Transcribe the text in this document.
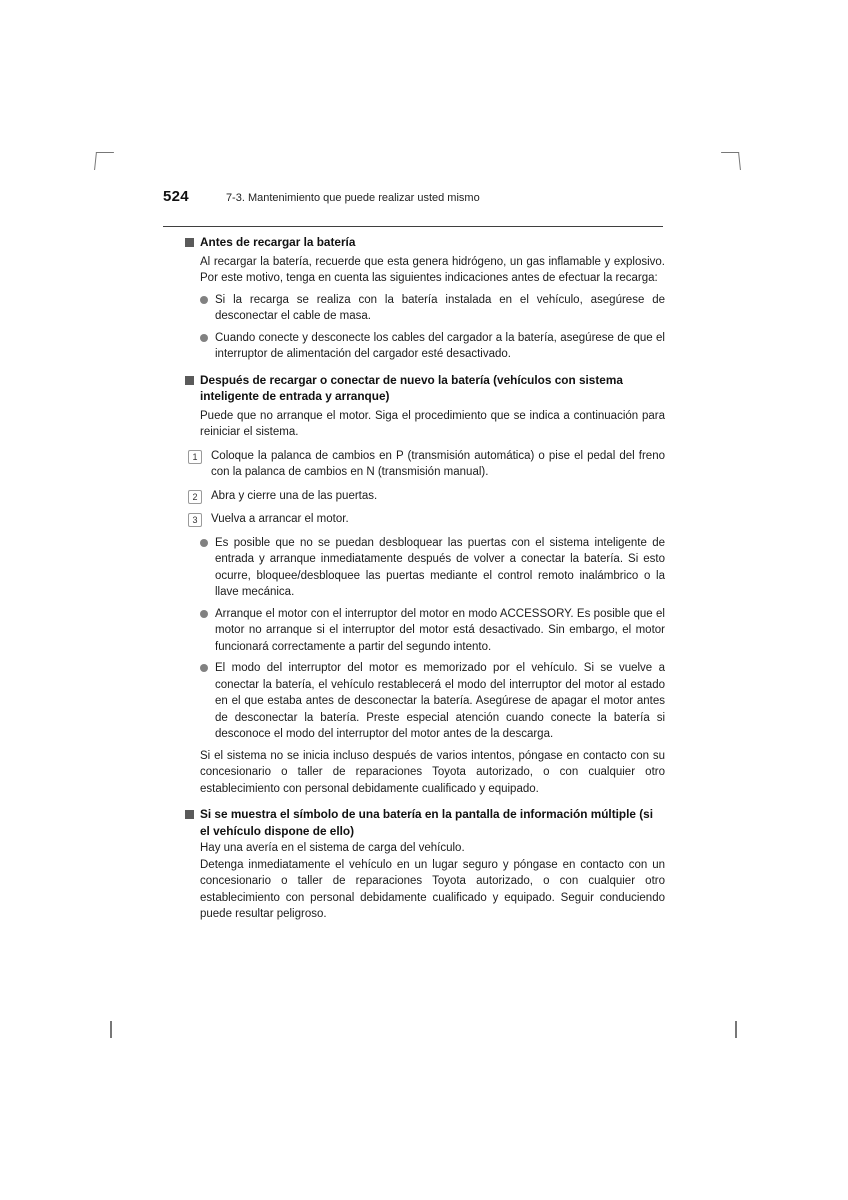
524	7-3. Mantenimiento que puede realizar usted mismo
Antes de recargar la batería

Al recargar la batería, recuerde que esta genera hidrógeno, un gas inflamable y explosivo. Por este motivo, tenga en cuenta las siguientes indicaciones antes de efectuar la recarga:

Si la recarga se realiza con la batería instalada en el vehículo, asegúrese de desconectar el cable de masa.
Cuando conecte y desconecte los cables del cargador a la batería, asegúrese de que el interruptor de alimentación del cargador esté desactivado.
Después de recargar o conectar de nuevo la batería (vehículos con sistema inteligente de entrada y arranque)

Puede que no arranque el motor. Siga el procedimiento que se indica a continuación para reiniciar el sistema.

1	Coloque la palanca de cambios en P (transmisión automática) o pise el pedal del freno con la palanca de cambios en N (transmisión manual).
2	Abra y cierre una de las puertas.
3	Vuelva a arrancar el motor.
Es posible que no se puedan desbloquear las puertas con el sistema inteligente de entrada y arranque inmediatamente después de volver a conectar la batería. Si esto ocurre, bloquee/desbloquee las puertas mediante el control remoto inalámbrico o la llave mecánica.
Arranque el motor con el interruptor del motor en modo ACCESSORY. Es posible que el motor no arranque si el interruptor del motor está desactivado. Sin embargo, el motor funcionará correctamente a partir del segundo intento.
El modo del interruptor del motor es memorizado por el vehículo. Si se vuelve a conectar la batería, el vehículo restablecerá el modo del interruptor del motor al estado en el que estaba antes de desconectar la batería. Asegúrese de apagar el motor antes de desconectar la batería. Preste especial atención cuando conecte la batería si desconoce el modo del interruptor del motor antes de la descarga.

Si el sistema no se inicia incluso después de varios intentos, póngase en contacto con su concesionario o taller de reparaciones Toyota autorizado, o con cualquier otro establecimiento con personal debidamente cualificado y equipado.

Si se muestra el símbolo de una batería en la pantalla de información múltiple (si el vehículo dispone de ello)

Hay una avería en el sistema de carga del vehículo.

Detenga inmediatamente el vehículo en un lugar seguro y póngase en contacto con un concesionario o taller de reparaciones Toyota autorizado, o con cualquier otro establecimiento con personal debidamente cualificado y equipado. Seguir conduciendo puede resultar peligroso.
